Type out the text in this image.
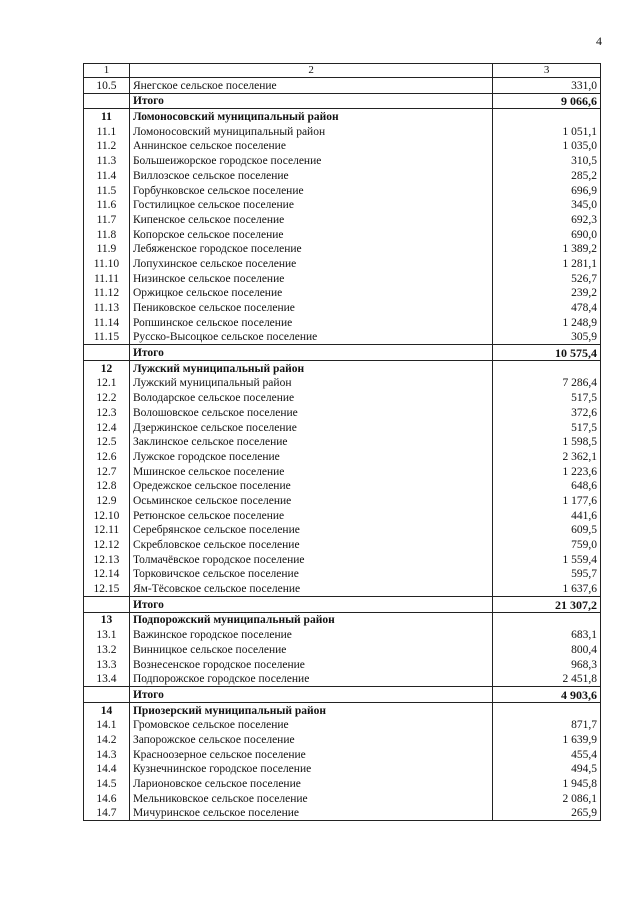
4
1	2	3
10.5	Янегское сельское поселение	331,0
	Итого	9 066,6
11	Ломоносовский муниципальный район	
11.1	Ломоносовский муниципальный район	1 051,1
11.2	Аннинское сельское поселение	1 035,0
11.3	Большеижорское городское поселение	310,5
11.4	Виллозское сельское поселение	285,2
11.5	Горбунковское сельское поселение	696,9
11.6	Гостилицкое сельское поселение	345,0
11.7	Кипенское сельское поселение	692,3
11.8	Копорское сельское поселение	690,0
11.9	Лебяженское городское поселение	1 389,2
11.10	Лопухинское сельское поселение	1 281,1
11.11	Низинское сельское поселение	526,7
11.12	Оржицкое сельское поселение	239,2
11.13	Пениковское сельское поселение	478,4
11.14	Ропшинское сельское поселение	1 248,9
11.15	Русско-Высоцкое сельское поселение	305,9
	Итого	10 575,4
12	Лужский муниципальный район	
12.1	Лужский муниципальный район	7 286,4
12.2	Володарское сельское поселение	517,5
12.3	Волошовское сельское поселение	372,6
12.4	Дзержинское сельское поселение	517,5
12.5	Заклинское сельское поселение	1 598,5
12.6	Лужское городское поселение	2 362,1
12.7	Мшинское сельское поселение	1 223,6
12.8	Оредежское сельское поселение	648,6
12.9	Осьминское сельское поселение	1 177,6
12.10	Ретюнское сельское поселение	441,6
12.11	Серебрянское сельское поселение	609,5
12.12	Скребловское сельское поселение	759,0
12.13	Толмачёвское городское поселение	1 559,4
12.14	Торковичское сельское поселение	595,7
12.15	Ям-Тёсовское сельское поселение	1 637,6
	Итого	21 307,2
13	Подпорожский муниципальный район	
13.1	Важинское городское поселение	683,1
13.2	Винницкое сельское поселение	800,4
13.3	Вознесенское городское поселение	968,3
13.4	Подпорожское городское поселение	2 451,8
	Итого	4 903,6
14	Приозерский муниципальный район	
14.1	Громовское сельское поселение	871,7
14.2	Запорожское сельское поселение	1 639,9
14.3	Красноозерное сельское поселение	455,4
14.4	Кузнечнинское городское поселение	494,5
14.5	Ларионовское сельское поселение	1 945,8
14.6	Мельниковское сельское поселение	2 086,1
14.7	Мичуринское сельское поселение	265,9
